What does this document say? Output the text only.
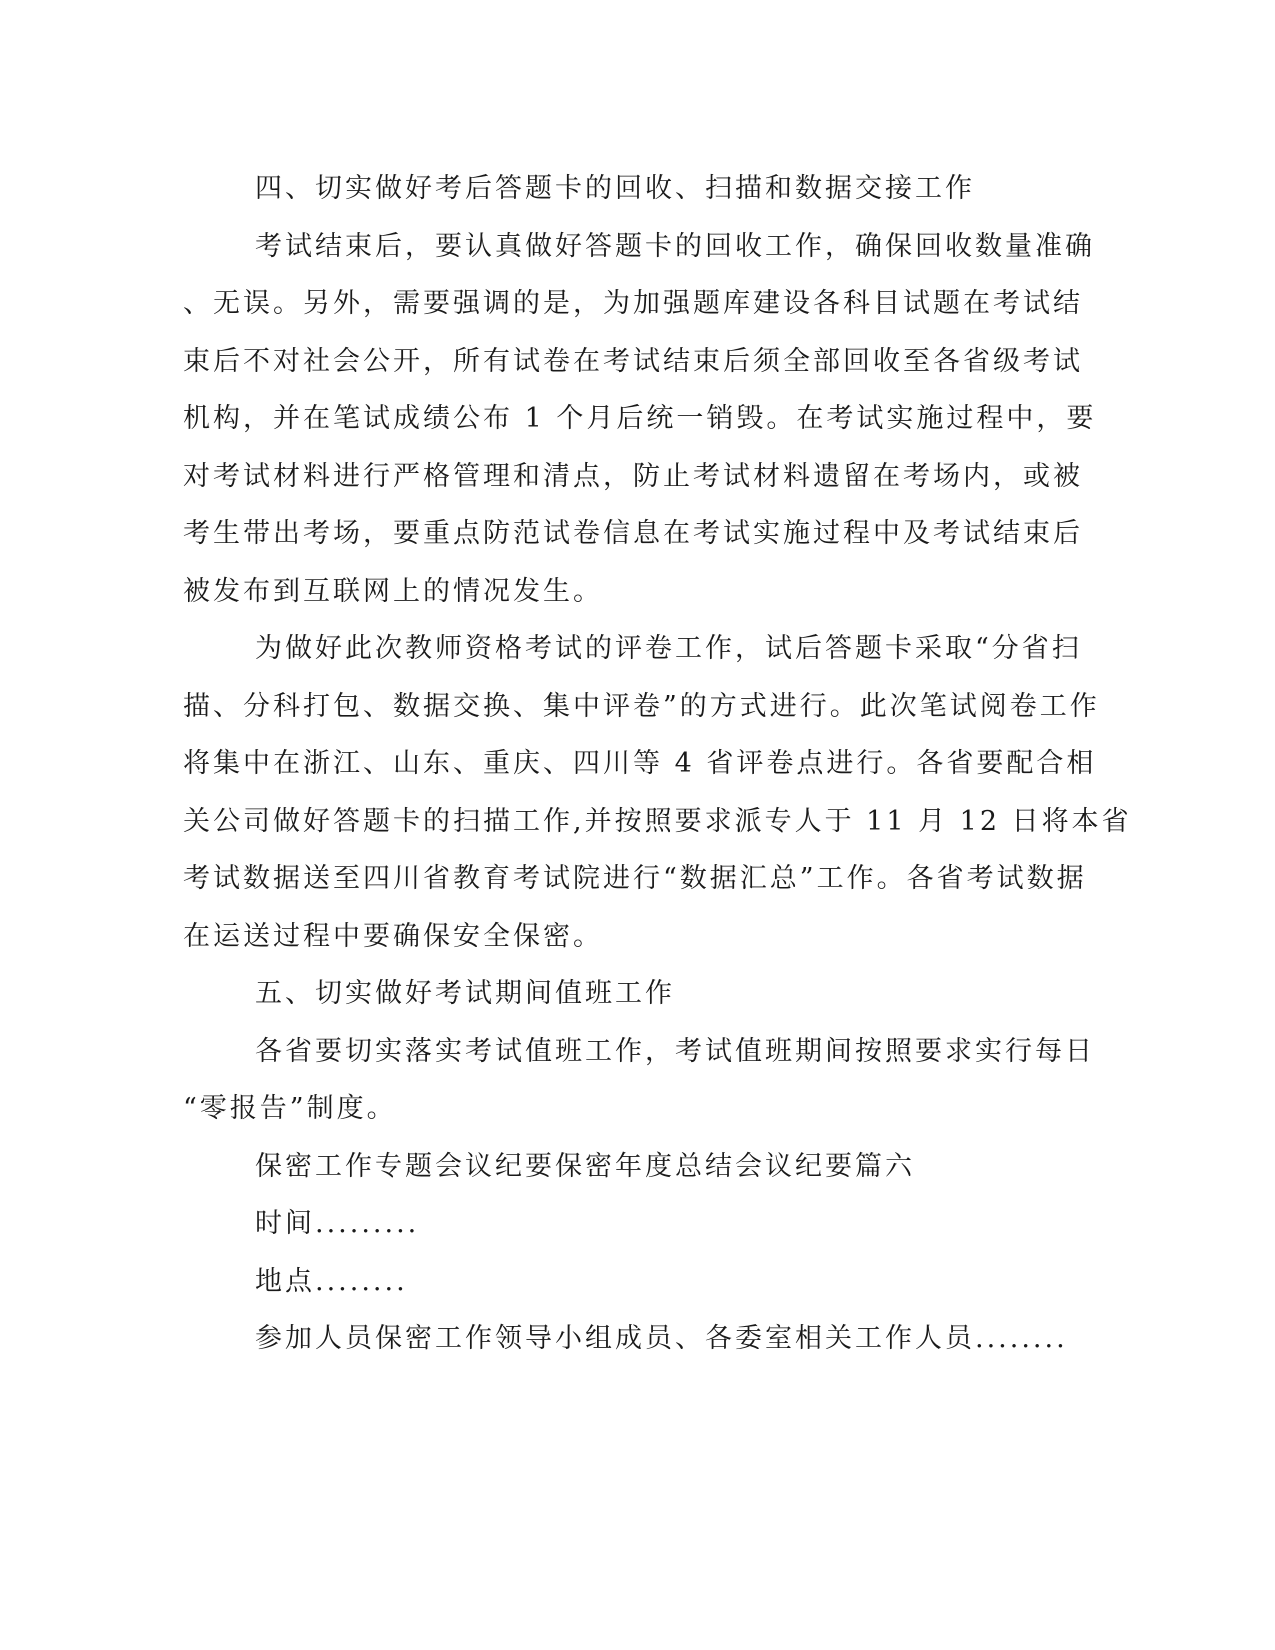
四、切实做好考后答题卡的回收、扫描和数据交接工作
考试结束后，要认真做好答题卡的回收工作，确保回收数量准确
、无误。另外，需要强调的是，为加强题库建设各科目试题在考试结
束后不对社会公开，所有试卷在考试结束后须全部回收至各省级考试
机构，并在笔试成绩公布 1 个月后统一销毁。在考试实施过程中，要
对考试材料进行严格管理和清点，防止考试材料遗留在考场内，或被
考生带出考场，要重点防范试卷信息在考试实施过程中及考试结束后
被发布到互联网上的情况发生。
为做好此次教师资格考试的评卷工作，试后答题卡采取“分省扫
描、分科打包、数据交换、集中评卷”的方式进行。此次笔试阅卷工作
将集中在浙江、山东、重庆、四川等 4 省评卷点进行。各省要配合相
关公司做好答题卡的扫描工作,并按照要求派专人于 11 月 12 日将本省
考试数据送至四川省教育考试院进行“数据汇总”工作。各省考试数据
在运送过程中要确保安全保密。
五、切实做好考试期间值班工作
各省要切实落实考试值班工作，考试值班期间按照要求实行每日
“零报告”制度。
保密工作专题会议纪要保密年度总结会议纪要篇六
时间.........
地点........
参加人员保密工作领导小组成员、各委室相关工作人员........
